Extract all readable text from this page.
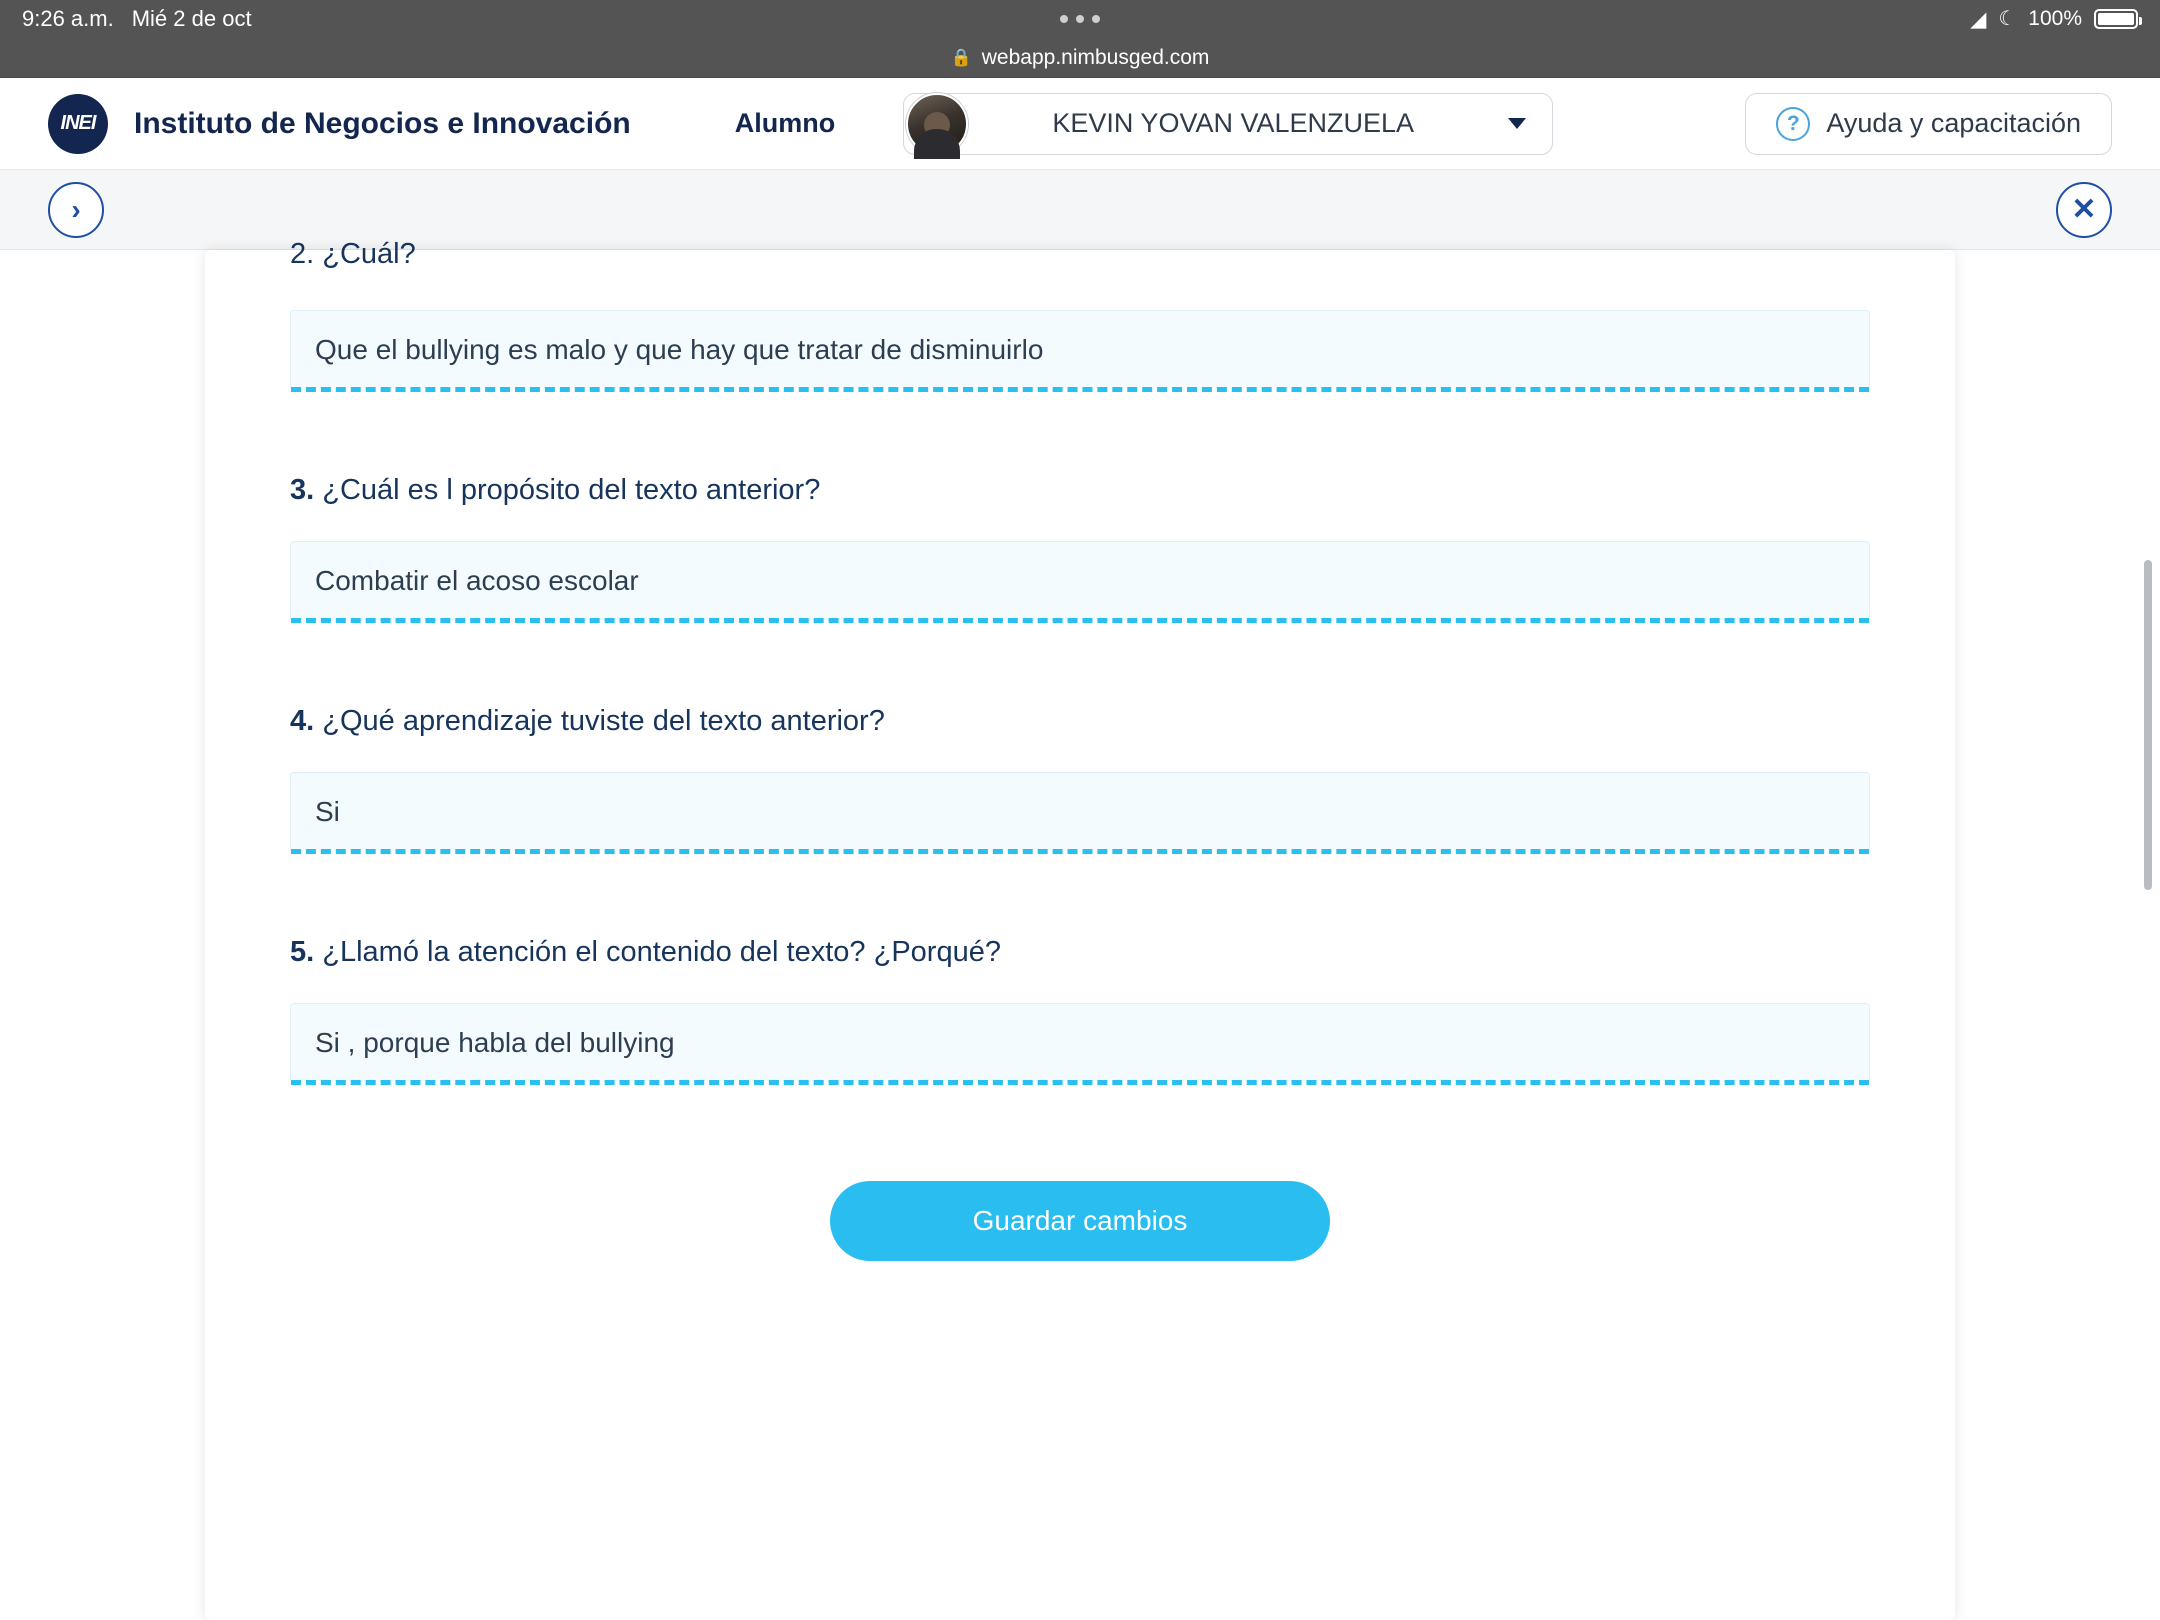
9:26 a.m. Mié 2 de oct	◢ ☾ 100%
🔒 webapp.nimbusged.com
INEI Instituto de Negocios e Innovación	Alumno	KEVIN YOVAN VALENZUELA	? Ayuda y capacitación
›	✕
2. ¿Cuál?
Que el bullying es malo y que hay que tratar de disminuirlo

3. ¿Cuál es l propósito del texto anterior?

Combatir el acoso escolar

4. ¿Qué aprendizaje tuviste del texto anterior?

Si

5. ¿Llamó la atención el contenido del texto? ¿Porqué?

Si , porque habla del bullying
Guardar cambios
